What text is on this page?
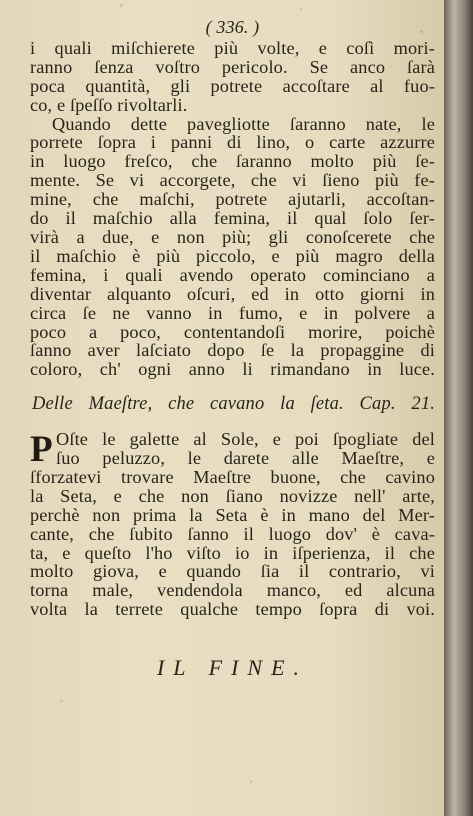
( 336. )
i quali miſchierete più volte, e coſì mori-
ranno ſenza voſtro pericolo. Se anco ſarà
poca quantità, gli potrete accoſtare al fuo-
co, e ſpeſſo rivoltarli.
Quando dette pavegliotte ſaranno nate, le
porrete ſopra i panni di lino, o carte azzurre
in luogo freſco, che ſaranno molto più ſe-
mente. Se vi accorgete, che vi ſieno più fe-
mine, che maſchi, potrete ajutarli, accoſtan-
do il maſchio alla femina, il qual ſolo ſer-
virà a due, e non più; gli conoſcerete che
il maſchio è più piccolo, e più magro della
femina, i quali avendo operato cominciano a
diventar alquanto oſcuri, ed in otto giorni in
circa ſe ne vanno in fumo, e in polvere a
poco a poco, contentandoſi morire, poichè
ſanno aver laſciato dopo ſe la propaggine di
coloro, ch' ogni anno li rimandano in luce.
Delle Maeſtre, che cavano la ſeta. Cap. 21.
P Oſte le galette al Sole, e poi ſpogliate del
ſuo peluzzo, le darete alle Maeſtre, e
ſforzatevi trovare Maeſtre buone, che cavino
la Seta, e che non ſiano novizze nell' arte,
perchè non prima la Seta è in mano del Mer-
cante, che ſubito ſanno il luogo dov' è cava-
ta, e queſto l'ho viſto io in iſperienza, il che
molto giova, e quando ſia il contrario, vi
torna male, vendendola manco, ed alcuna
volta la terrete qualche tempo ſopra di voi.
IL FINE.
